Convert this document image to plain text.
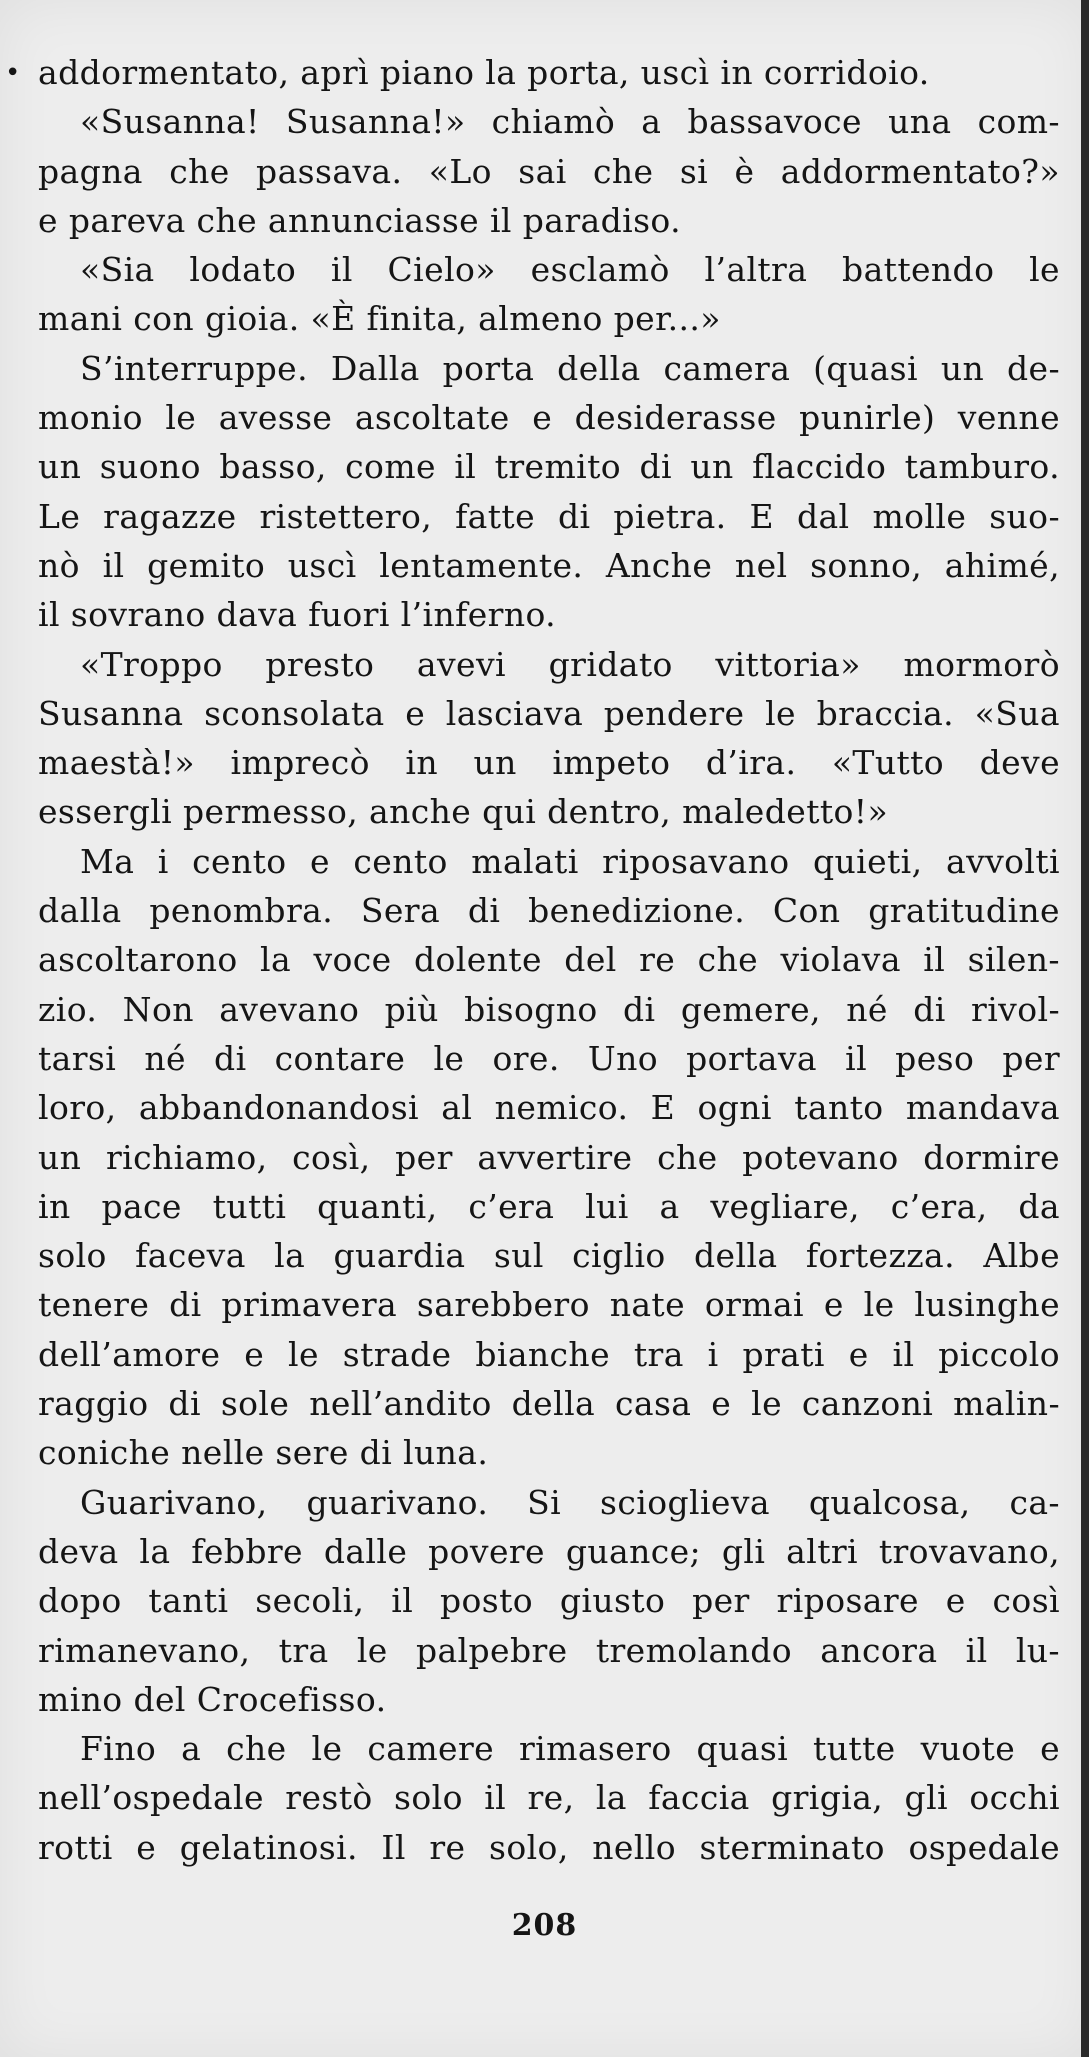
• addormentato, aprì piano la porta, uscì in corridoio.
«Susanna! Susanna!» chiamò a bassavoce una com-
pagna che passava. «Lo sai che si è addormentato?»
e pareva che annunciasse il paradiso.
«Sia lodato il Cielo» esclamò l’altra battendo le
mani con gioia. «È finita, almeno per...»
S’interruppe. Dalla porta della camera (quasi un de-
monio le avesse ascoltate e desiderasse punirle) venne
un suono basso, come il tremito di un flaccido tamburo.
Le ragazze ristettero, fatte di pietra. E dal molle suo-
nò il gemito uscì lentamente. Anche nel sonno, ahimé,
il sovrano dava fuori l’inferno.
«Troppo presto avevi gridato vittoria» mormorò
Susanna sconsolata e lasciava pendere le braccia. «Sua
maestà!» imprecò in un impeto d’ira. «Tutto deve
essergli permesso, anche qui dentro, maledetto!»
Ma i cento e cento malati riposavano quieti, avvolti
dalla penombra. Sera di benedizione. Con gratitudine
ascoltarono la voce dolente del re che violava il silen-
zio. Non avevano più bisogno di gemere, né di rivol-
tarsi né di contare le ore. Uno portava il peso per
loro, abbandonandosi al nemico. E ogni tanto mandava
un richiamo, così, per avvertire che potevano dormire
in pace tutti quanti, c’era lui a vegliare, c’era, da
solo faceva la guardia sul ciglio della fortezza. Albe
tenere di primavera sarebbero nate ormai e le lusinghe
dell’amore e le strade bianche tra i prati e il piccolo
raggio di sole nell’andito della casa e le canzoni malin-
coniche nelle sere di luna.
Guarivano, guarivano. Si scioglieva qualcosa, ca-
deva la febbre dalle povere guance; gli altri trovavano,
dopo tanti secoli, il posto giusto per riposare e così
rimanevano, tra le palpebre tremolando ancora il lu-
mino del Crocefisso.
Fino a che le camere rimasero quasi tutte vuote e
nell’ospedale restò solo il re, la faccia grigia, gli occhi
rotti e gelatinosi. Il re solo, nello sterminato ospedale
208
